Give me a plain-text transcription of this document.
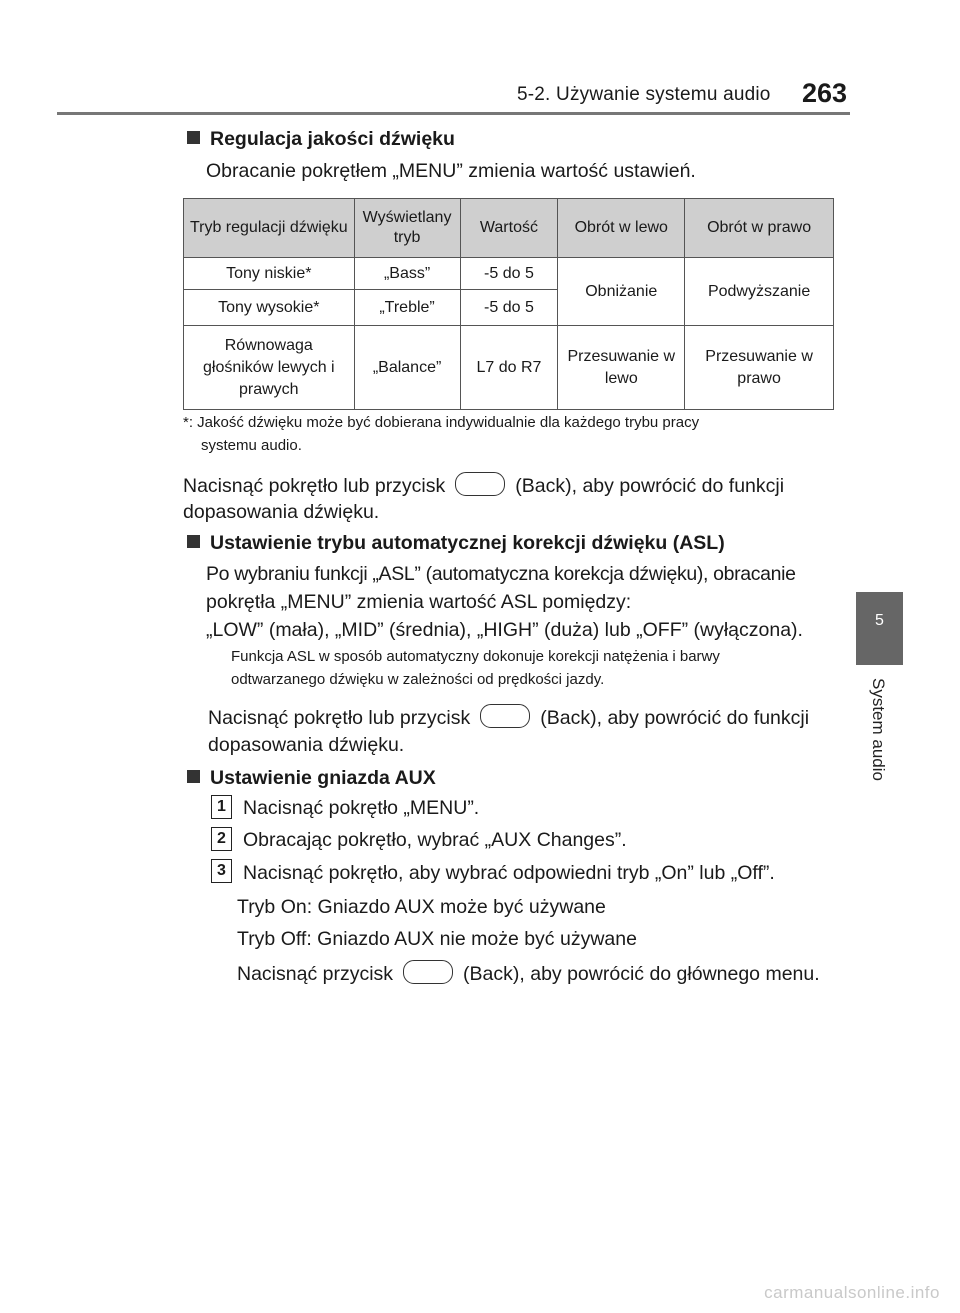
5-2. Używanie systemu audio 263
5
System audio
Regulacja jakości dźwięku
Obracanie pokrętłem „MENU” zmienia wartość ustawień.
Tryb regulacji dźwięku	Wyświetlany tryb	Wartość	Obrót w lewo	Obrót w prawo
Tony niskie*	„Bass”	-5 do 5	Obniżanie	Podwyższanie
Tony wysokie*	„Treble”	-5 do 5		
Równowaga głośników lewych i prawych	„Balance”	L7 do R7	Przesuwanie w lewo	Przesuwanie w prawo
*: Jakość dźwięku może być dobierana indywidualnie dla każdego trybu pracy
systemu audio.
Nacisnąć pokrętło lub przycisk	(Back), aby powrócić do funkcji
dopasowania dźwięku.
Ustawienie trybu automatycznej korekcji dźwięku (ASL)
Po wybraniu funkcji „ASL” (automatyczna korekcja dźwięku), obracanie
pokrętła „MENU” zmienia wartość ASL pomiędzy:
„LOW” (mała), „MID” (średnia), „HIGH” (duża) lub „OFF” (wyłączona).
Funkcja ASL w sposób automatyczny dokonuje korekcji natężenia i barwy
odtwarzanego dźwięku w zależności od prędkości jazdy.
Nacisnąć pokrętło lub przycisk	(Back), aby powrócić do funkcji
dopasowania dźwięku.
Ustawienie gniazda AUX
1 Nacisnąć pokrętło „MENU”.
2 Obracając pokrętło, wybrać „AUX Changes”.
3 Nacisnąć pokrętło, aby wybrać odpowiedni tryb „On” lub „Off”.
Tryb On: Gniazdo AUX może być używane
Tryb Off: Gniazdo AUX nie może być używane
Nacisnąć przycisk	(Back), aby powrócić do głównego menu.
carmanualsonline.info
